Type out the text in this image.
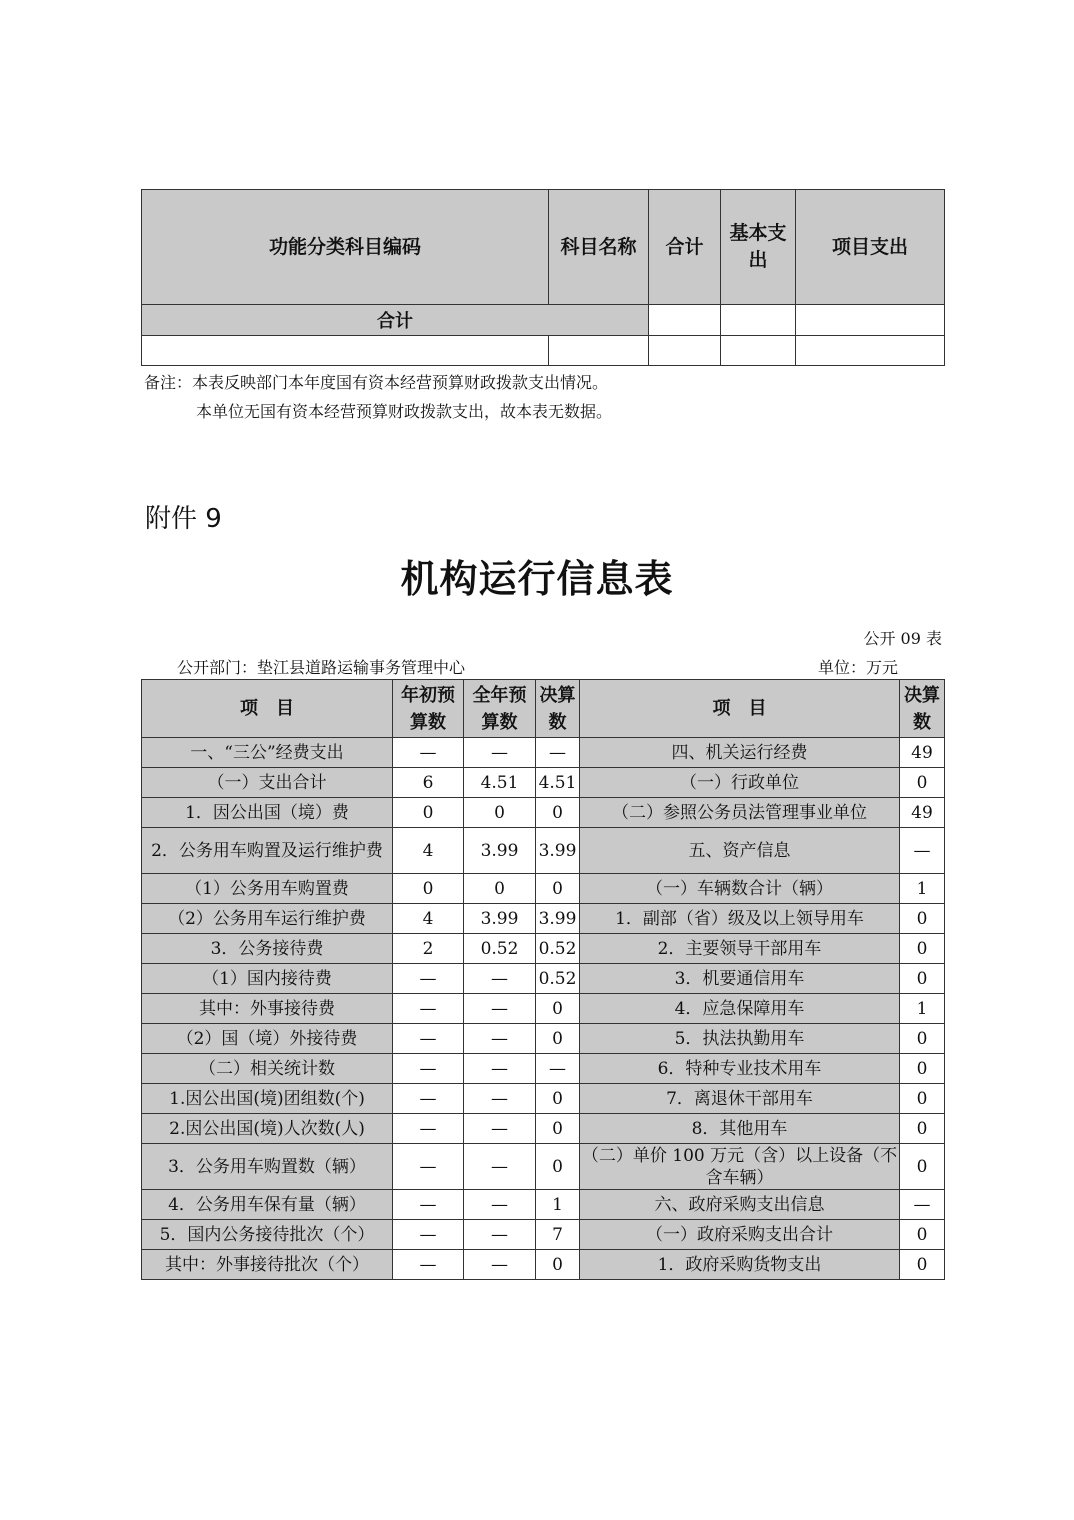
功能分类科目编码	科目名称	合计	基本支出	项目支出
合计				

备注：本表反映部门本年度国有资本经营预算财政拨款支出情况。
本单位无国有资本经营预算财政拨款支出，故本表无数据。
附件 9
机构运行信息表
公开 09 表
公开部门：垫江县道路运输事务管理中心	单位：万元
项　目	年初预算数	全年预算数	决算数	项　目	决算数
一、“三公”经费支出	—	—	—	四、机关运行经费	49
（一）支出合计	6	4.51	4.51	（一）行政单位	0
1．因公出国（境）费	0	0	0	（二）参照公务员法管理事业单位	49
2．公务用车购置及运行维护费	4	3.99	3.99	五、资产信息	—
（1）公务用车购置费	0	0	0	（一）车辆数合计（辆）	1
（2）公务用车运行维护费	4	3.99	3.99	1．副部（省）级及以上领导用车	0
3．公务接待费	2	0.52	0.52	2．主要领导干部用车	0
（1）国内接待费	—	—	0.52	3．机要通信用车	0
其中：外事接待费	—	—	0	4．应急保障用车	1
（2）国（境）外接待费	—	—	0	5．执法执勤用车	0
（二）相关统计数	—	—	—	6．特种专业技术用车	0
1.因公出国(境)团组数(个)	—	—	0	7．离退休干部用车	0
2.因公出国(境)人次数(人)	—	—	0	8．其他用车	0
3．公务用车购置数（辆）	—	—	0	（二）单价 100 万元（含）以上设备（不含车辆）	0
4．公务用车保有量（辆）	—	—	1	六、政府采购支出信息	—
5．国内公务接待批次（个）	—	—	7	（一）政府采购支出合计	0
其中：外事接待批次（个）	—	—	0	1．政府采购货物支出	0
